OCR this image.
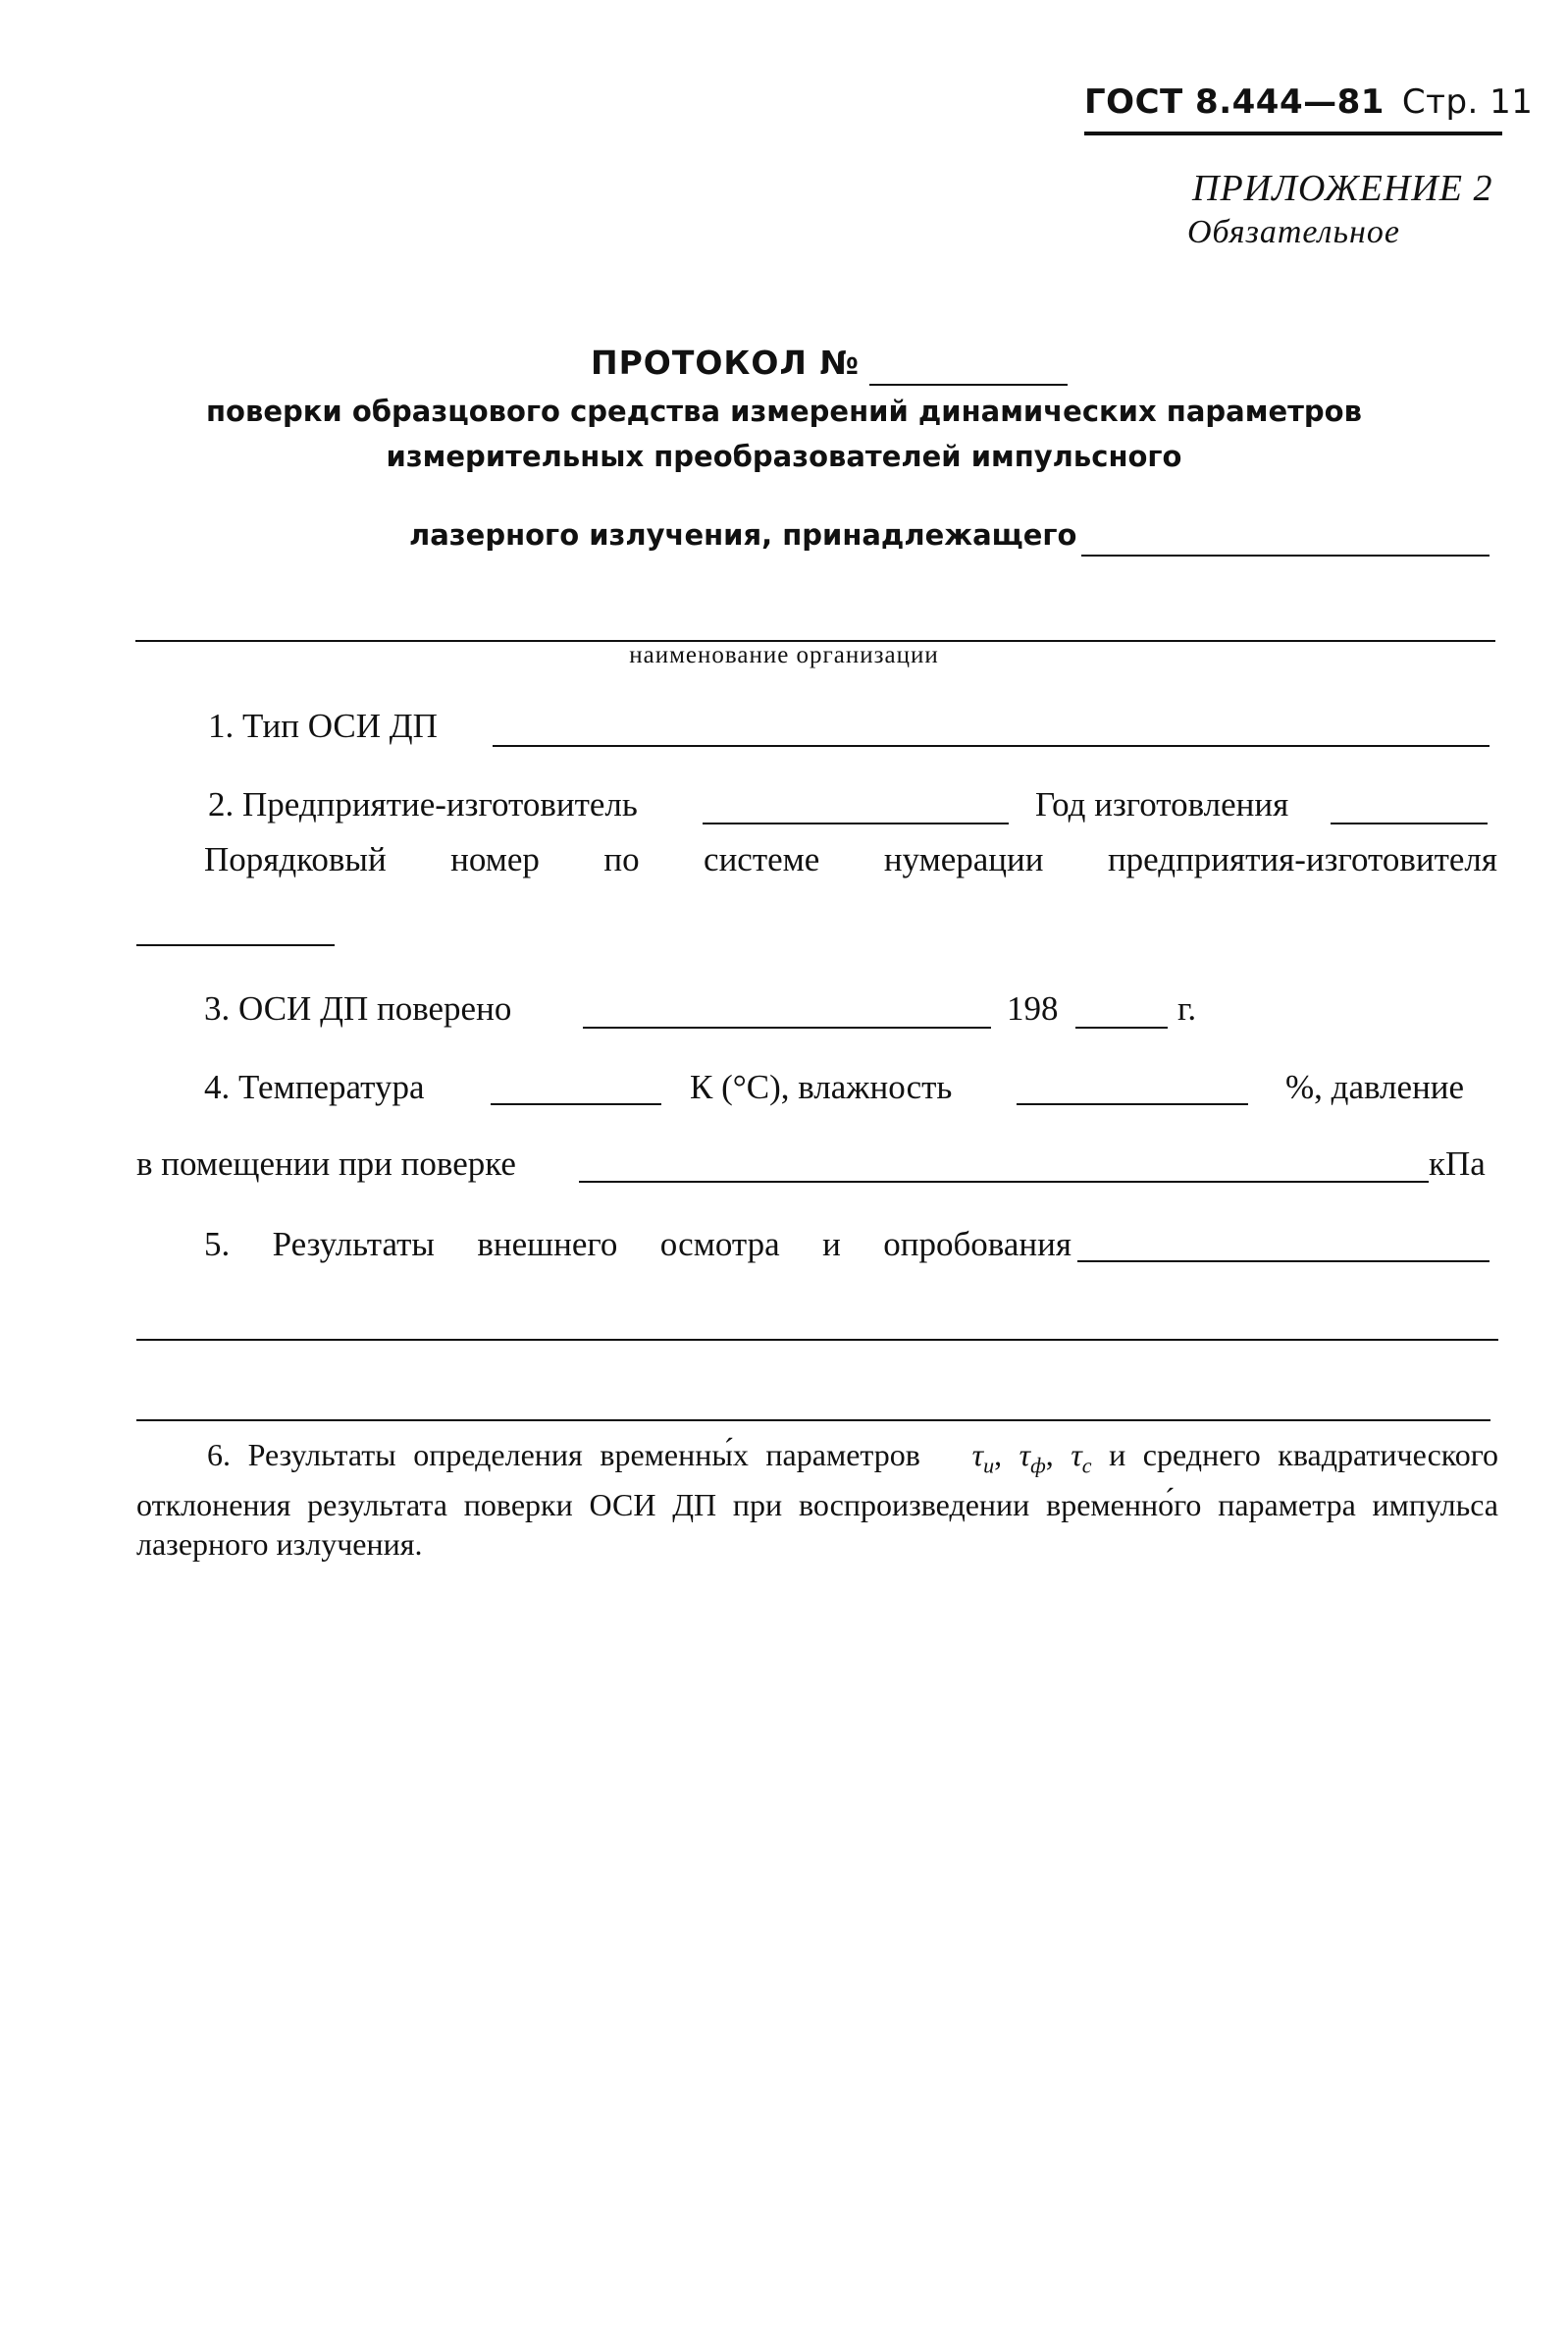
ГОСТ 8.444—81 Стр. 11
ПРИЛОЖЕНИЕ 2
Обязательное
ПРОТОКОЛ №
поверки образцового средства измерений динамических параметров
измерительных преобразователей импульсного
лазерного излучения, принадлежащего
наименование организации
1. Тип ОСИ ДП
2. Предприятие-изготовитель	Год изготовления
Порядковый номер по системе нумерации предприятия-изготовителя
3. ОСИ ДП поверено	198	г.
4. Температура	К (°С), влажность	%, давление
в помещении при поверке	кПа
5. Результаты внешнего осмотра и опробования
6. Результаты определения временны́х параметров $\tau_и$, $\tau_ф$, $\tau_c$ и среднего квадратического отклонения результата поверки ОСИ ДП при воспроизведении временно́го параметра импульса лазерного излучения.
